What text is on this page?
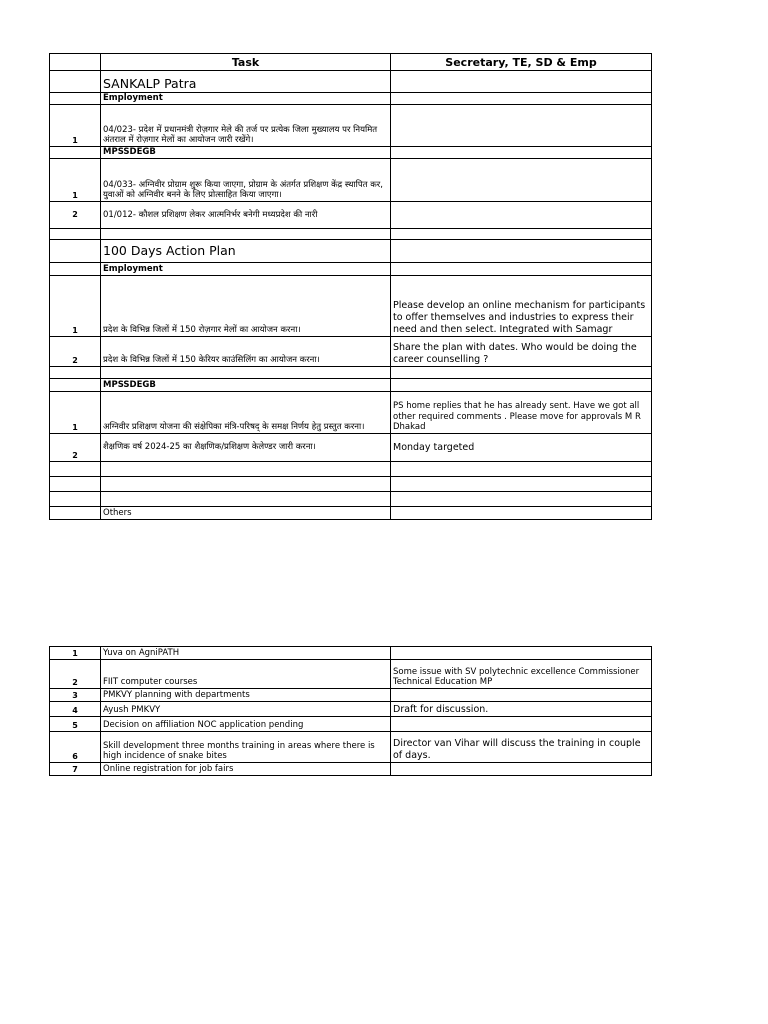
	Task	Secretary, TE, SD & Emp
	SANKALP Patra	
	Employment	
1	04/023- प्रदेश में प्रधानमंत्री रोज़गार मेले की तर्ज पर प्रत्येक जिला मुख्यालय पर नियमित अंतराल में रोज़गार मेलों का आयोजन जारी रखेंगे।	
	MPSSDEGB	
1	04/033- अग्निवीर प्रोग्राम शुरू किया जाएगा, प्रोग्राम के अंतर्गत प्रशिक्षण केंद्र स्थापित कर, युवाओं को अग्निवीर बनने के लिए प्रोत्साहित किया जाएगा।	
2	01/012- कौशल प्रशिक्षण लेकर आत्मनिर्भर बनेगी मध्यप्रदेश की नारी	

	100 Days Action Plan	
	Employment	
1	प्रदेश के विभिन्न जिलों में 150 रोज़गार मेलों का आयोजन करना।	Please develop an online mechanism for participants to offer themselves and industries to express their need and then select. Integrated with Samagr
2	प्रदेश के विभिन्न जिलों में 150 केरियर काउंसिलिंग का आयोजन करना।	Share the plan with dates. Who would be doing the career counselling ?

	MPSSDEGB	
1	अग्निवीर प्रशिक्षण योजना की संक्षेपिका मंत्रि-परिषद् के समक्ष निर्णय हेतु प्रस्तुत करना।	PS home replies that he has already sent. Have we got all other required comments . Please move for approvals M R Dhakad
2	शैक्षणिक वर्ष 2024-25 का शैक्षणिक/प्रशिक्षण केलेण्डर जारी करना।	Monday targeted

	Others	
1	Yuva on AgniPATH	
2	FIIT computer courses	Some issue with SV polytechnic excellence Commissioner Technical Education MP
3	PMKVY planning with departments	
4	Ayush PMKVY	Draft for discussion.
5	Decision on affiliation NOC application pending	
6	Skill development three months training in areas where there is high incidence of snake bites	Director van Vihar will discuss the training in couple of days.
7	Online registration for job fairs	
